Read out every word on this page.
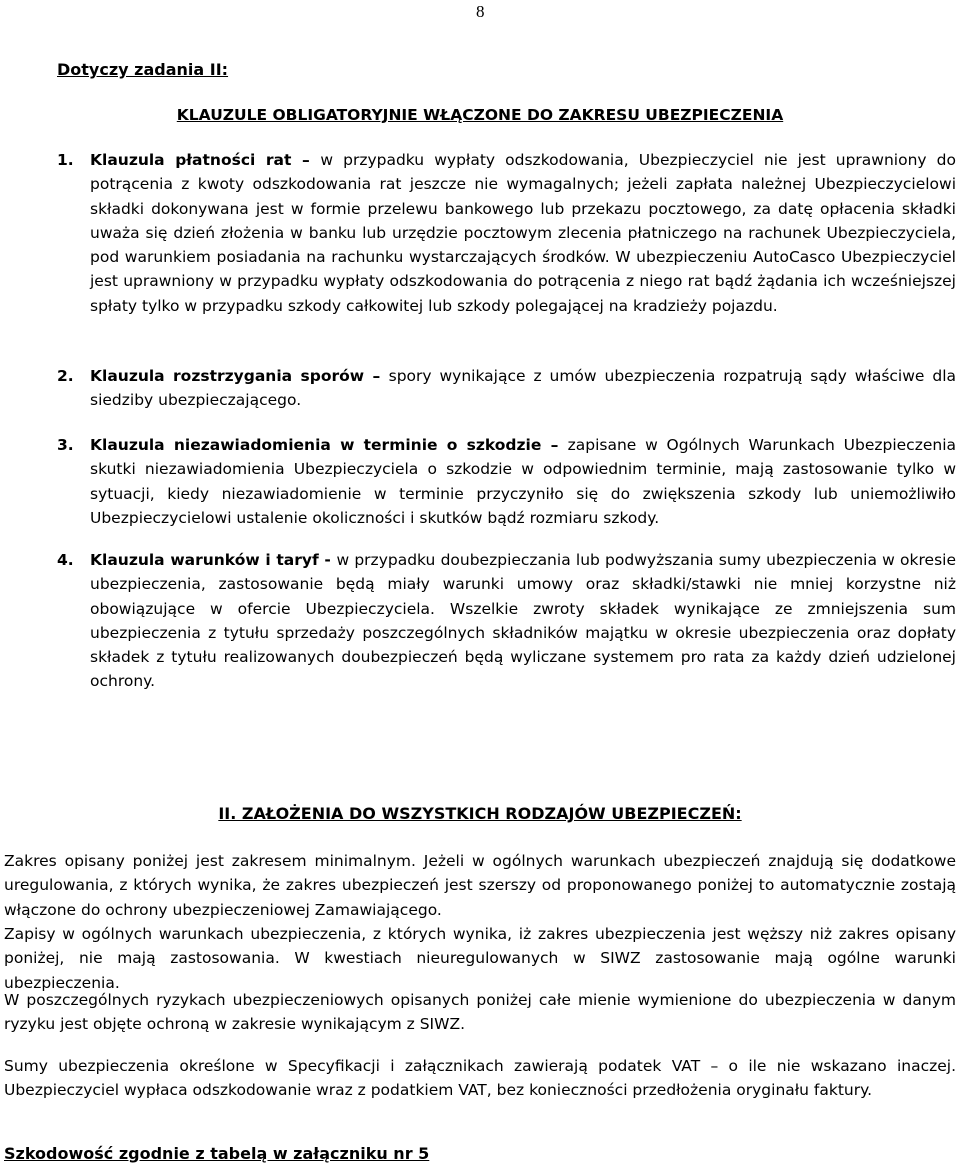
8
Dotyczy zadania II:
KLAUZULE OBLIGATORYJNIE WŁĄCZONE DO ZAKRESU UBEZPIECZENIA
1. Klauzula płatności rat – w przypadku wypłaty odszkodowania, Ubezpieczyciel nie jest uprawniony do potrącenia z kwoty odszkodowania rat jeszcze nie wymagalnych; jeżeli zapłata należnej Ubezpieczycielowi składki dokonywana jest w formie przelewu bankowego lub przekazu pocztowego, za datę opłacenia składki uważa się dzień złożenia w banku lub urzędzie pocztowym zlecenia płatniczego na rachunek Ubezpieczyciela, pod warunkiem posiadania na rachunku wystarczających środków. W ubezpieczeniu AutoCasco Ubezpieczyciel jest uprawniony w przypadku wypłaty odszkodowania do potrącenia z niego rat bądź żądania ich wcześniejszej spłaty tylko w przypadku szkody całkowitej lub szkody polegającej na kradzieży pojazdu.
2. Klauzula rozstrzygania sporów – spory wynikające z umów ubezpieczenia rozpatrują sądy właściwe dla siedziby ubezpieczającego.
3. Klauzula niezawiadomienia w terminie o szkodzie – zapisane w Ogólnych Warunkach Ubezpieczenia skutki niezawiadomienia Ubezpieczyciela o szkodzie w odpowiednim terminie, mają zastosowanie tylko w sytuacji, kiedy niezawiadomienie w terminie przyczyniło się do zwiększenia szkody lub uniemożliwiło Ubezpieczycielowi ustalenie okoliczności i skutków bądź rozmiaru szkody.
4. Klauzula warunków i taryf - w przypadku doubezpieczania lub podwyższania sumy ubezpieczenia w okresie ubezpieczenia, zastosowanie będą miały warunki umowy oraz składki/stawki nie mniej korzystne niż obowiązujące w ofercie Ubezpieczyciela. Wszelkie zwroty składek wynikające ze zmniejszenia sum ubezpieczenia z tytułu sprzedaży poszczególnych składników majątku w okresie ubezpieczenia oraz dopłaty składek z tytułu realizowanych doubezpieczeń będą wyliczane systemem pro rata za każdy dzień udzielonej ochrony.
II. ZAŁOŻENIA DO WSZYSTKICH RODZAJÓW UBEZPIECZEŃ:
Zakres opisany poniżej jest zakresem minimalnym. Jeżeli w ogólnych warunkach ubezpieczeń znajdują się dodatkowe uregulowania, z których wynika, że zakres ubezpieczeń jest szerszy od proponowanego poniżej to automatycznie zostają włączone do ochrony ubezpieczeniowej Zamawiającego.
Zapisy w ogólnych warunkach ubezpieczenia, z których wynika, iż zakres ubezpieczenia jest węższy niż zakres opisany poniżej, nie mają zastosowania. W kwestiach nieuregulowanych w SIWZ zastosowanie mają ogólne warunki ubezpieczenia.
W poszczególnych ryzykach ubezpieczeniowych opisanych poniżej całe mienie wymienione do ubezpieczenia w danym ryzyku jest objęte ochroną w zakresie wynikającym z SIWZ.
Sumy ubezpieczenia określone w Specyfikacji i załącznikach zawierają podatek VAT – o ile nie wskazano inaczej. Ubezpieczyciel wypłaca odszkodowanie wraz z podatkiem VAT, bez konieczności przedłożenia oryginału faktury.
Szkodowość zgodnie z tabelą w załączniku nr 5
